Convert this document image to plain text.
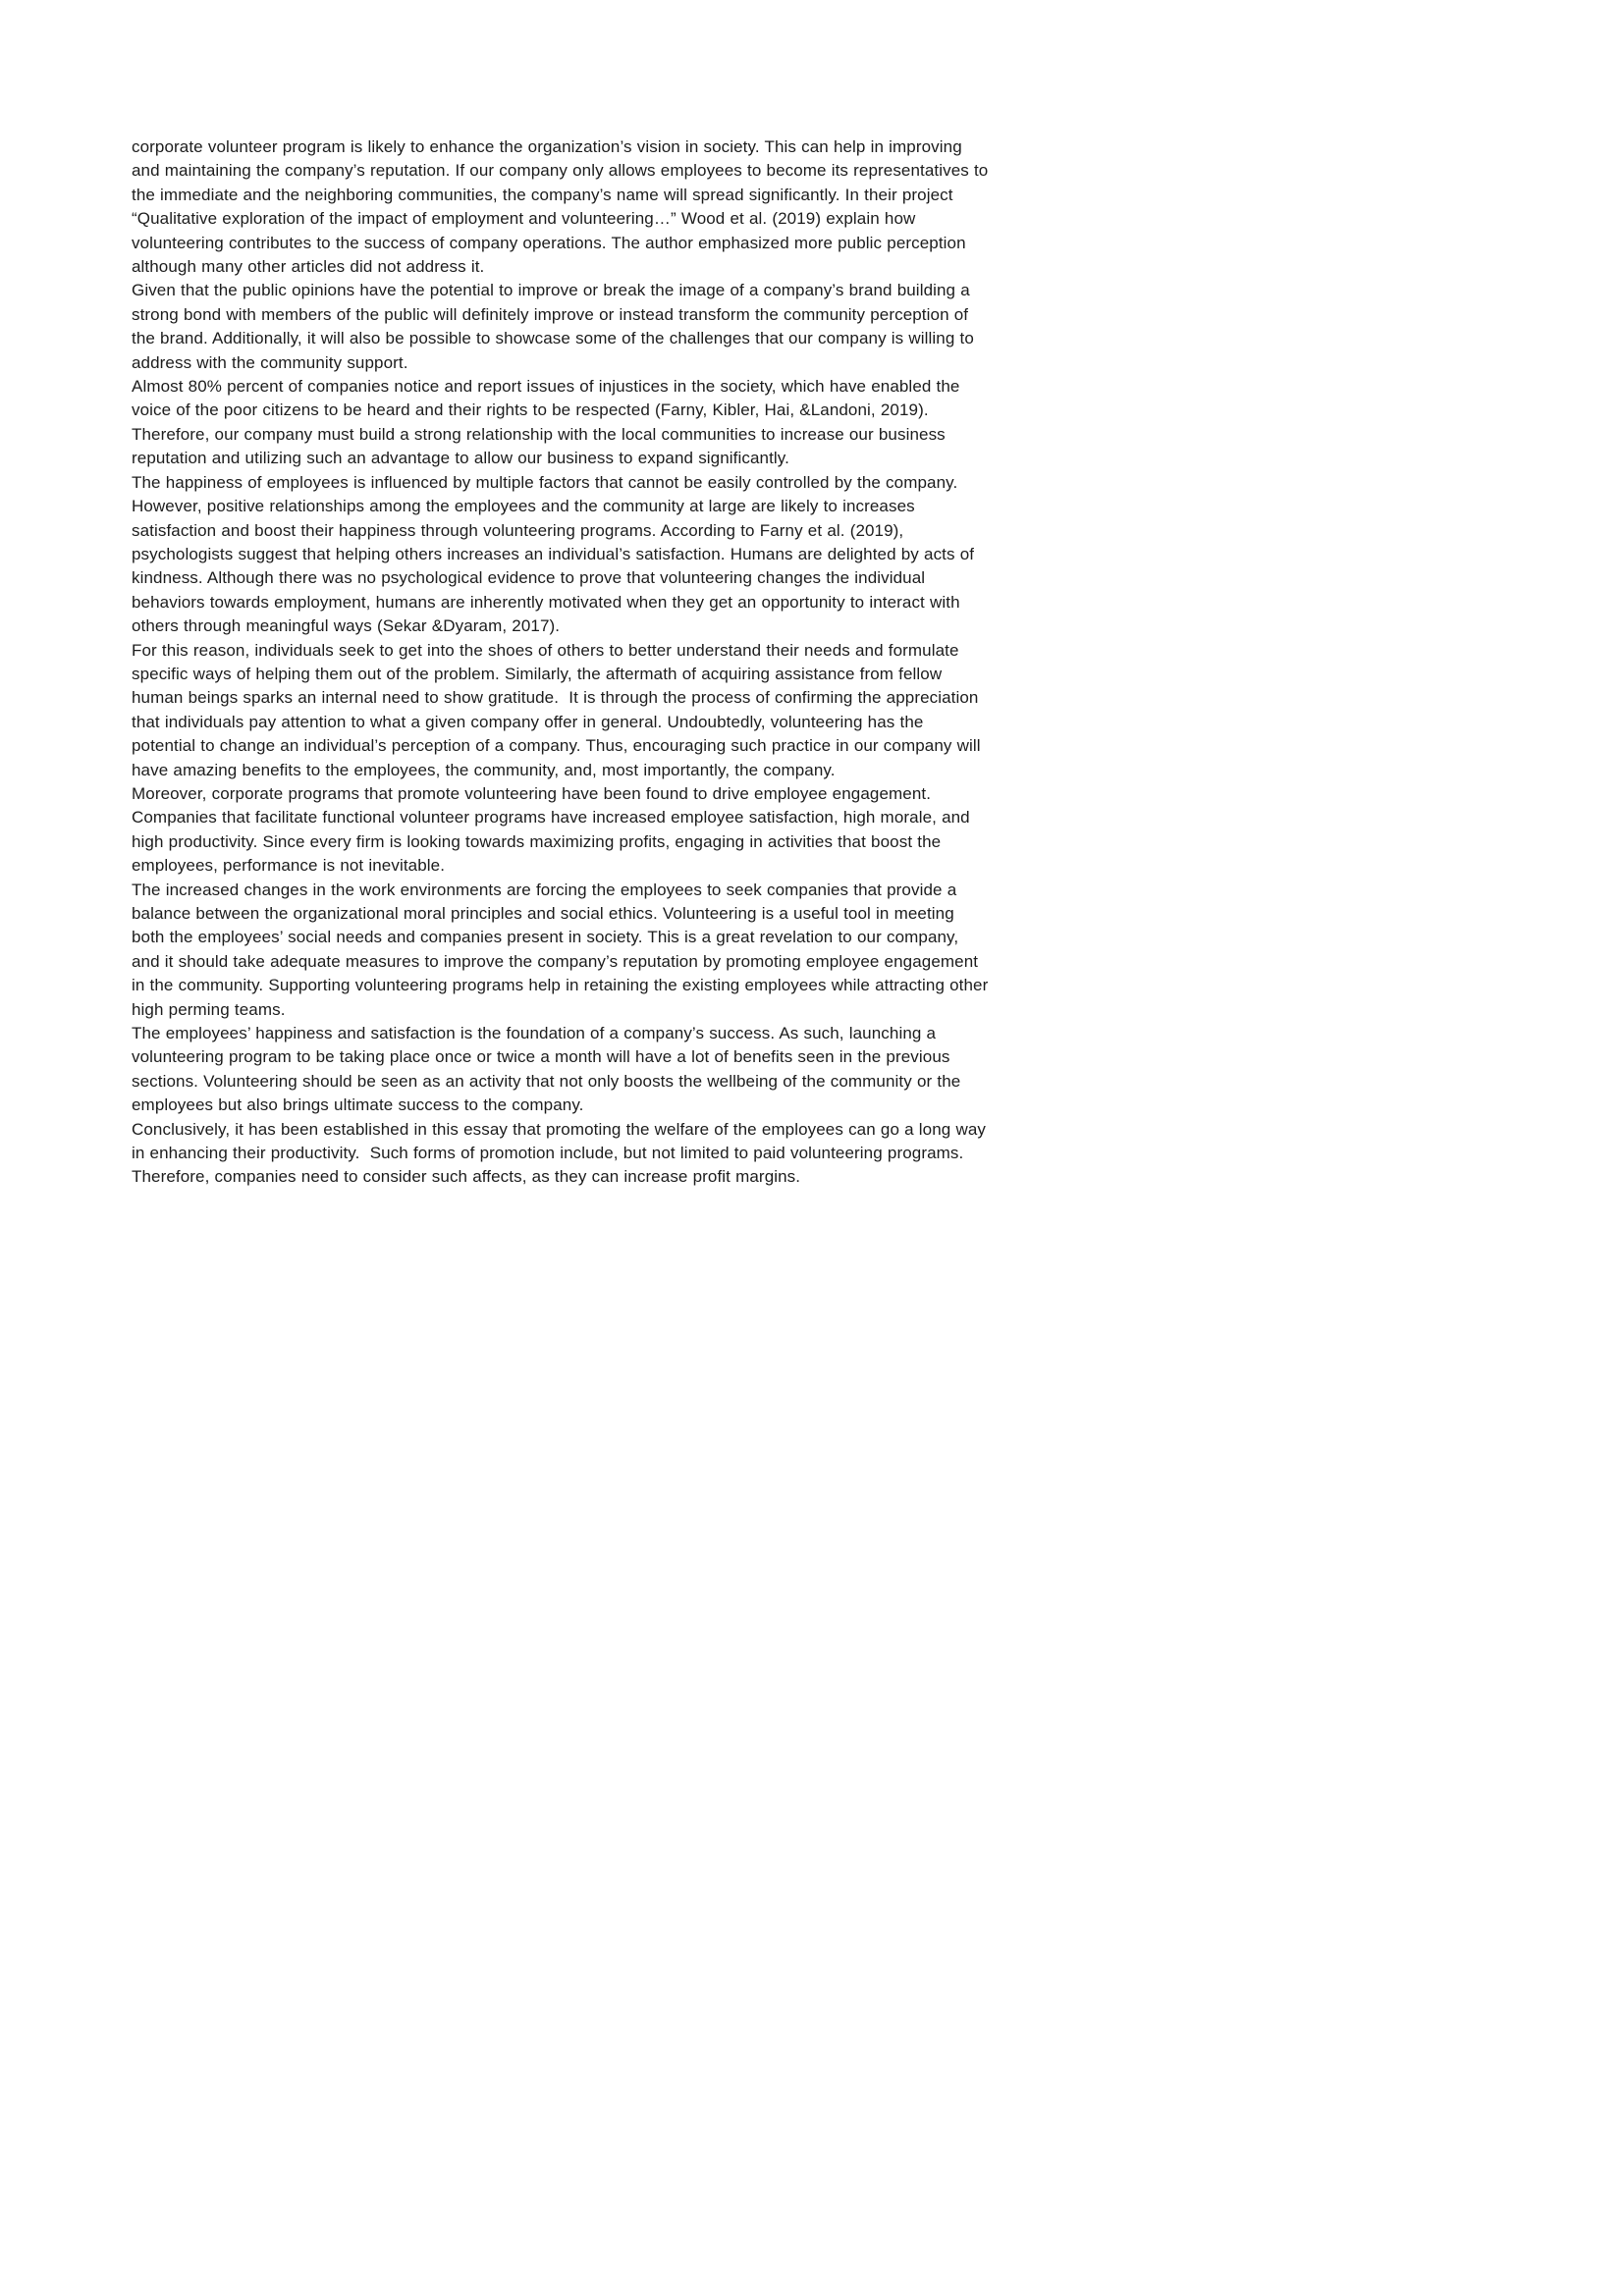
corporate volunteer program is likely to enhance the organization’s vision in society. This can help in improving and maintaining the company’s reputation. If our company only allows employees to become its representatives to the immediate and the neighboring communities, the company’s name will spread significantly. In their project “Qualitative exploration of the impact of employment and volunteering…” Wood et al. (2019) explain how volunteering contributes to the success of company operations. The author emphasized more public perception although many other articles did not address it.

Given that the public opinions have the potential to improve or break the image of a company’s brand building a strong bond with members of the public will definitely improve or instead transform the community perception of the brand. Additionally, it will also be possible to showcase some of the challenges that our company is willing to address with the community support.

Almost 80% percent of companies notice and report issues of injustices in the society, which have enabled the voice of the poor citizens to be heard and their rights to be respected (Farny, Kibler, Hai, &Landoni, 2019). Therefore, our company must build a strong relationship with the local communities to increase our business reputation and utilizing such an advantage to allow our business to expand significantly.

The happiness of employees is influenced by multiple factors that cannot be easily controlled by the company. However, positive relationships among the employees and the community at large are likely to increases satisfaction and boost their happiness through volunteering programs. According to Farny et al. (2019), psychologists suggest that helping others increases an individual’s satisfaction. Humans are delighted by acts of kindness. Although there was no psychological evidence to prove that volunteering changes the individual behaviors towards employment, humans are inherently motivated when they get an opportunity to interact with others through meaningful ways (Sekar &Dyaram, 2017).

For this reason, individuals seek to get into the shoes of others to better understand their needs and formulate specific ways of helping them out of the problem. Similarly, the aftermath of acquiring assistance from fellow human beings sparks an internal need to show gratitude.  It is through the process of confirming the appreciation that individuals pay attention to what a given company offer in general. Undoubtedly, volunteering has the potential to change an individual’s perception of a company. Thus, encouraging such practice in our company will have amazing benefits to the employees, the community, and, most importantly, the company.

Moreover, corporate programs that promote volunteering have been found to drive employee engagement. Companies that facilitate functional volunteer programs have increased employee satisfaction, high morale, and high productivity. Since every firm is looking towards maximizing profits, engaging in activities that boost the employees, performance is not inevitable.

The increased changes in the work environments are forcing the employees to seek companies that provide a balance between the organizational moral principles and social ethics. Volunteering is a useful tool in meeting both the employees’ social needs and companies present in society. This is a great revelation to our company, and it should take adequate measures to improve the company’s reputation by promoting employee engagement in the community. Supporting volunteering programs help in retaining the existing employees while attracting other high perming teams.

The employees’ happiness and satisfaction is the foundation of a company’s success. As such, launching a volunteering program to be taking place once or twice a month will have a lot of benefits seen in the previous sections. Volunteering should be seen as an activity that not only boosts the wellbeing of the community or the employees but also brings ultimate success to the company.

Conclusively, it has been established in this essay that promoting the welfare of the employees can go a long way in enhancing their productivity.  Such forms of promotion include, but not limited to paid volunteering programs. Therefore, companies need to consider such affects, as they can increase profit margins.
